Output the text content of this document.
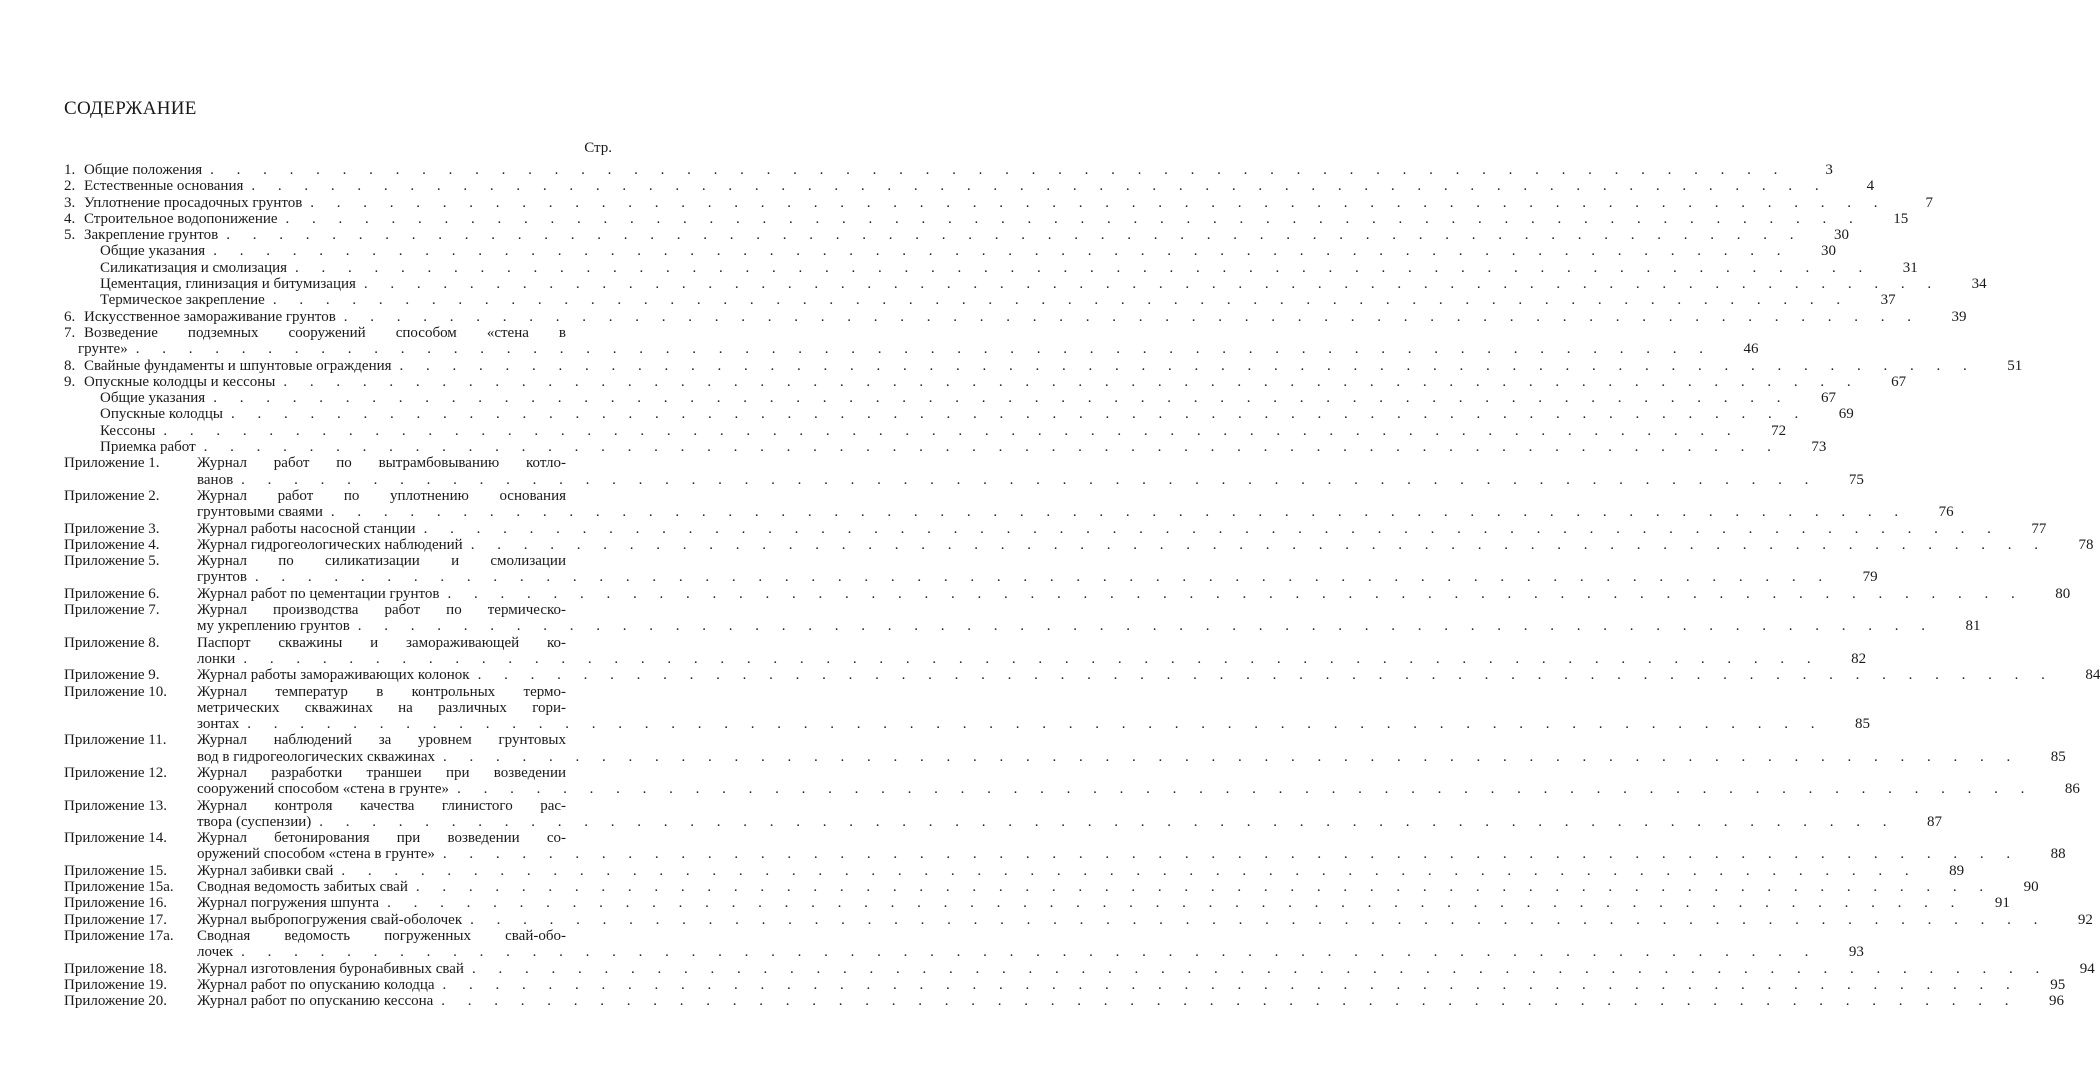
СОДЕРЖАНИЕ
Стр.
1. Общие положения . . . . . . . . . . . . . . . . . . . . . . . . . . . . . . . . . . . . . . . . . . . . . . . . . . . . . . . . . . . .	3
2. Естественные основания . . . . . . . . . . . . . . . . . . . . . . . . . . . . . . . . . . . . . . . . . . . . . . . . . . . . . . . . . . . .	4
3. Уплотнение просадочных грунтов . . . . . . . . . . . . . . . . . . . . . . . . . . . . . . . . . . . . . . . . . . . . . . . . . . . . . . . . . . . .	7
4. Строительное водопонижение . . . . . . . . . . . . . . . . . . . . . . . . . . . . . . . . . . . . . . . . . . . . . . . . . . . . . . . . . . . .	15
5. Закрепление грунтов . . . . . . . . . . . . . . . . . . . . . . . . . . . . . . . . . . . . . . . . . . . . . . . . . . . . . . . . . . . .	30
Общие указания . . . . . . . . . . . . . . . . . . . . . . . . . . . . . . . . . . . . . . . . . . . . . . . . . . . . . . . . . . . .	30
Силикатизация и смолизация . . . . . . . . . . . . . . . . . . . . . . . . . . . . . . . . . . . . . . . . . . . . . . . . . . . . . . . . . . . .	31
Цементация, глинизация и битумизация . . . . . . . . . . . . . . . . . . . . . . . . . . . . . . . . . . . . . . . . . . . . . . . . . . . . . . . . . . . .	34
Термическое закрепление . . . . . . . . . . . . . . . . . . . . . . . . . . . . . . . . . . . . . . . . . . . . . . . . . . . . . . . . . . . .	37
6. Искусственное замораживание грунтов . . . . . . . . . . . . . . . . . . . . . . . . . . . . . . . . . . . . . . . . . . . . . . . . . . . . . . . . . . . .	39
7. Возведение подземных сооружений способом «стена в
грунте» . . . . . . . . . . . . . . . . . . . . . . . . . . . . . . . . . . . . . . . . . . . . . . . . . . . . . . . . . . . .	46
8. Свайные фундаменты и шпунтовые ограждения . . . . . . . . . . . . . . . . . . . . . . . . . . . . . . . . . . . . . . . . . . . . . . . . . . . . . . . . . . . .	51
9. Опускные колодцы и кессоны . . . . . . . . . . . . . . . . . . . . . . . . . . . . . . . . . . . . . . . . . . . . . . . . . . . . . . . . . . . .	67
Общие указания . . . . . . . . . . . . . . . . . . . . . . . . . . . . . . . . . . . . . . . . . . . . . . . . . . . . . . . . . . . .	67
Опускные колодцы . . . . . . . . . . . . . . . . . . . . . . . . . . . . . . . . . . . . . . . . . . . . . . . . . . . . . . . . . . . .	69
Кессоны . . . . . . . . . . . . . . . . . . . . . . . . . . . . . . . . . . . . . . . . . . . . . . . . . . . . . . . . . . . .	72
Приемка работ . . . . . . . . . . . . . . . . . . . . . . . . . . . . . . . . . . . . . . . . . . . . . . . . . . . . . . . . . . . .	73
Приложение 1.	Журнал работ по вытрамбовыванию котло-
ванов . . . . . . . . . . . . . . . . . . . . . . . . . . . . . . . . . . . . . . . . . . . . . . . . . . . . . . . . . . . .	75
Приложение 2.	Журнал работ по уплотнению основания
грунтовыми сваями . . . . . . . . . . . . . . . . . . . . . . . . . . . . . . . . . . . . . . . . . . . . . . . . . . . . . . . . . . . .	76
Приложение 3.	Журнал работы насосной станции . . . . . . . . . . . . . . . . . . . . . . . . . . . . . . . . . . . . . . . . . . . . . . . . . . . . . . . . . . . .	77
Приложение 4.	Журнал гидрогеологических наблюдений . . . . . . . . . . . . . . . . . . . . . . . . . . . . . . . . . . . . . . . . . . . . . . . . . . . . . . . . . . . .	78
Приложение 5.	Журнал по силикатизации и смолизации
грунтов . . . . . . . . . . . . . . . . . . . . . . . . . . . . . . . . . . . . . . . . . . . . . . . . . . . . . . . . . . . .	79
Приложение 6.	Журнал работ по цементации грунтов . . . . . . . . . . . . . . . . . . . . . . . . . . . . . . . . . . . . . . . . . . . . . . . . . . . . . . . . . . . .	80
Приложение 7.	Журнал производства работ по термическо-
му укреплению грунтов . . . . . . . . . . . . . . . . . . . . . . . . . . . . . . . . . . . . . . . . . . . . . . . . . . . . . . . . . . . .	81
Приложение 8.	Паспорт скважины и замораживающей ко-
лонки . . . . . . . . . . . . . . . . . . . . . . . . . . . . . . . . . . . . . . . . . . . . . . . . . . . . . . . . . . . .	82
Приложение 9.	Журнал работы замораживающих колонок . . . . . . . . . . . . . . . . . . . . . . . . . . . . . . . . . . . . . . . . . . . . . . . . . . . . . . . . . . . .	84
Приложение 10.	Журнал температур в контрольных термо-
метрических скважинах на различных гори-
зонтах . . . . . . . . . . . . . . . . . . . . . . . . . . . . . . . . . . . . . . . . . . . . . . . . . . . . . . . . . . . .	85
Приложение 11.	Журнал наблюдений за уровнем грунтовых
вод в гидрогеологических скважинах . . . . . . . . . . . . . . . . . . . . . . . . . . . . . . . . . . . . . . . . . . . . . . . . . . . . . . . . . . . .	85
Приложение 12.	Журнал разработки траншеи при возведении
сооружений способом «стена в грунте» . . . . . . . . . . . . . . . . . . . . . . . . . . . . . . . . . . . . . . . . . . . . . . . . . . . . . . . . . . . .	86
Приложение 13.	Журнал контроля качества глинистого рас-
твора (суспензии) . . . . . . . . . . . . . . . . . . . . . . . . . . . . . . . . . . . . . . . . . . . . . . . . . . . . . . . . . . . .	87
Приложение 14.	Журнал бетонирования при возведении со-
оружений способом «стена в грунте» . . . . . . . . . . . . . . . . . . . . . . . . . . . . . . . . . . . . . . . . . . . . . . . . . . . . . . . . . . . .	88
Приложение 15.	Журнал забивки свай . . . . . . . . . . . . . . . . . . . . . . . . . . . . . . . . . . . . . . . . . . . . . . . . . . . . . . . . . . . .	89
Приложение 15а.	Сводная ведомость забитых свай . . . . . . . . . . . . . . . . . . . . . . . . . . . . . . . . . . . . . . . . . . . . . . . . . . . . . . . . . . . .	90
Приложение 16.	Журнал погружения шпунта . . . . . . . . . . . . . . . . . . . . . . . . . . . . . . . . . . . . . . . . . . . . . . . . . . . . . . . . . . . .	91
Приложение 17.	Журнал выбропогружения свай-оболочек . . . . . . . . . . . . . . . . . . . . . . . . . . . . . . . . . . . . . . . . . . . . . . . . . . . . . . . . . . . .	92
Приложение 17а.	Сводная ведомость погруженных свай-обо-
лочек . . . . . . . . . . . . . . . . . . . . . . . . . . . . . . . . . . . . . . . . . . . . . . . . . . . . . . . . . . . .	93
Приложение 18.	Журнал изготовления буронабивных свай . . . . . . . . . . . . . . . . . . . . . . . . . . . . . . . . . . . . . . . . . . . . . . . . . . . . . . . . . . . .	94
Приложение 19.	Журнал работ по опусканию колодца . . . . . . . . . . . . . . . . . . . . . . . . . . . . . . . . . . . . . . . . . . . . . . . . . . . . . . . . . . . .	95
Приложение 20.	Журнал работ по опусканию кессона . . . . . . . . . . . . . . . . . . . . . . . . . . . . . . . . . . . . . . . . . . . . . . . . . . . . . . . . . . . .	96
